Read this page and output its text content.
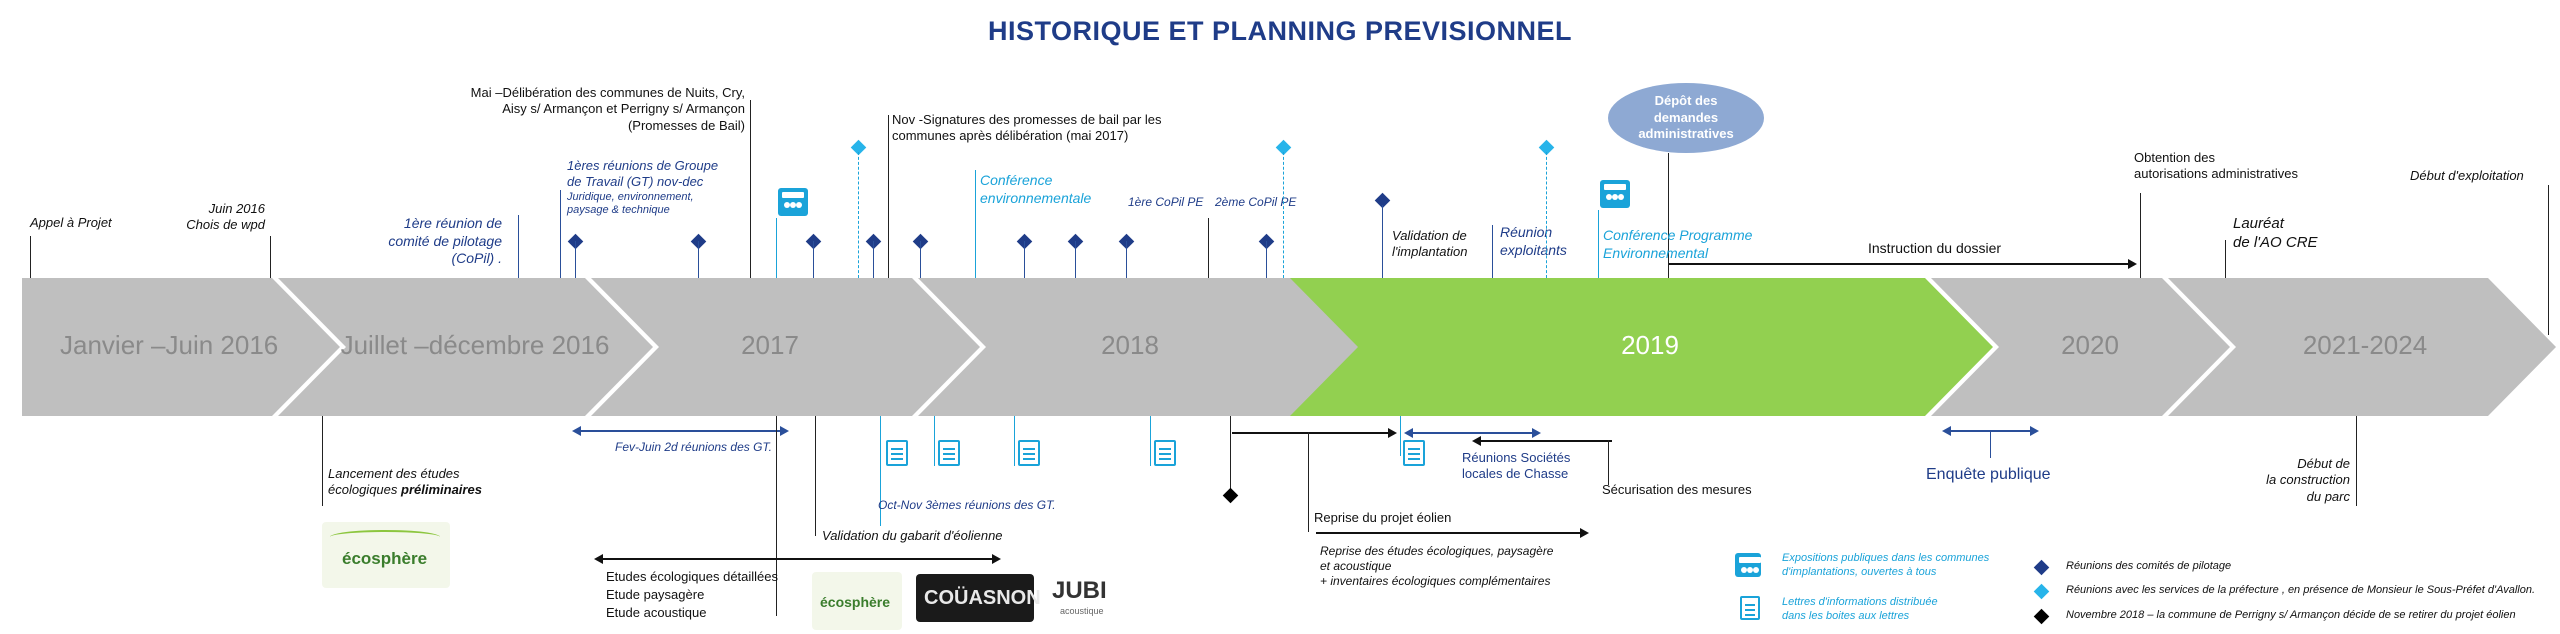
HISTORIQUE ET PLANNING PREVISIONNEL
Janvier –Juin 2016 Juillet –décembre 2016	2017	2018	2019	2020	2021-2024
Appel à Projet
Juin 2016
Chois de wpd	1ère réunion de
comité de pilotage
(CoPil) .
1ères réunions de Groupe
de Travail (GT) nov-dec
Juridique, environnement,
paysage & technique
Mai –Délibération des communes de Nuits, Cry,
Aisy s/ Armançon et Perrigny s/ Armançon
(Promesses de Bail)	Nov -Signatures des promesses de bail par les
communes après délibération (mai 2017)
Conférence
environnementale	1ère CoPil PE 2ème CoPil PE
Validation de
l'implantation
Réunion
exploitants
Dépôt des
demandes
administratives
Conférence Programme
Environnemental	Instruction du dossier
Obtention des
autorisations administratives
Lauréat
de l'AO CRE
Début d'exploitation
Lancement des études
écologiques préliminaires
écosphère
Fev-Juin 2d réunions des GT.
Validation du gabarit d'éolienne
Etudes écologiques détaillées
Etude paysagère
Etude acoustique
Oct-Nov 3èmes réunions des GT.
Reprise du projet éolien
Reprise des études écologiques, paysagère
et acoustique
+ inventaires écologiques complémentaires
Réunions Sociétés
locales de Chasse
Sécurisation des mesures
Enquête publique
Début de
la construction
du parc
écosphère COÜASNON JUBI
acoustique
Expositions publiques dans les communes
d'implantations, ouvertes à tous
Lettres d'informations distribuée
dans les boites aux lettres
Réunions des comités de pilotage
Réunions avec les services de la préfecture , en présence de Monsieur le Sous-Préfet d'Avallon.
Novembre 2018 – la commune de Perrigny s/ Armançon décide de se retirer du projet éolien
